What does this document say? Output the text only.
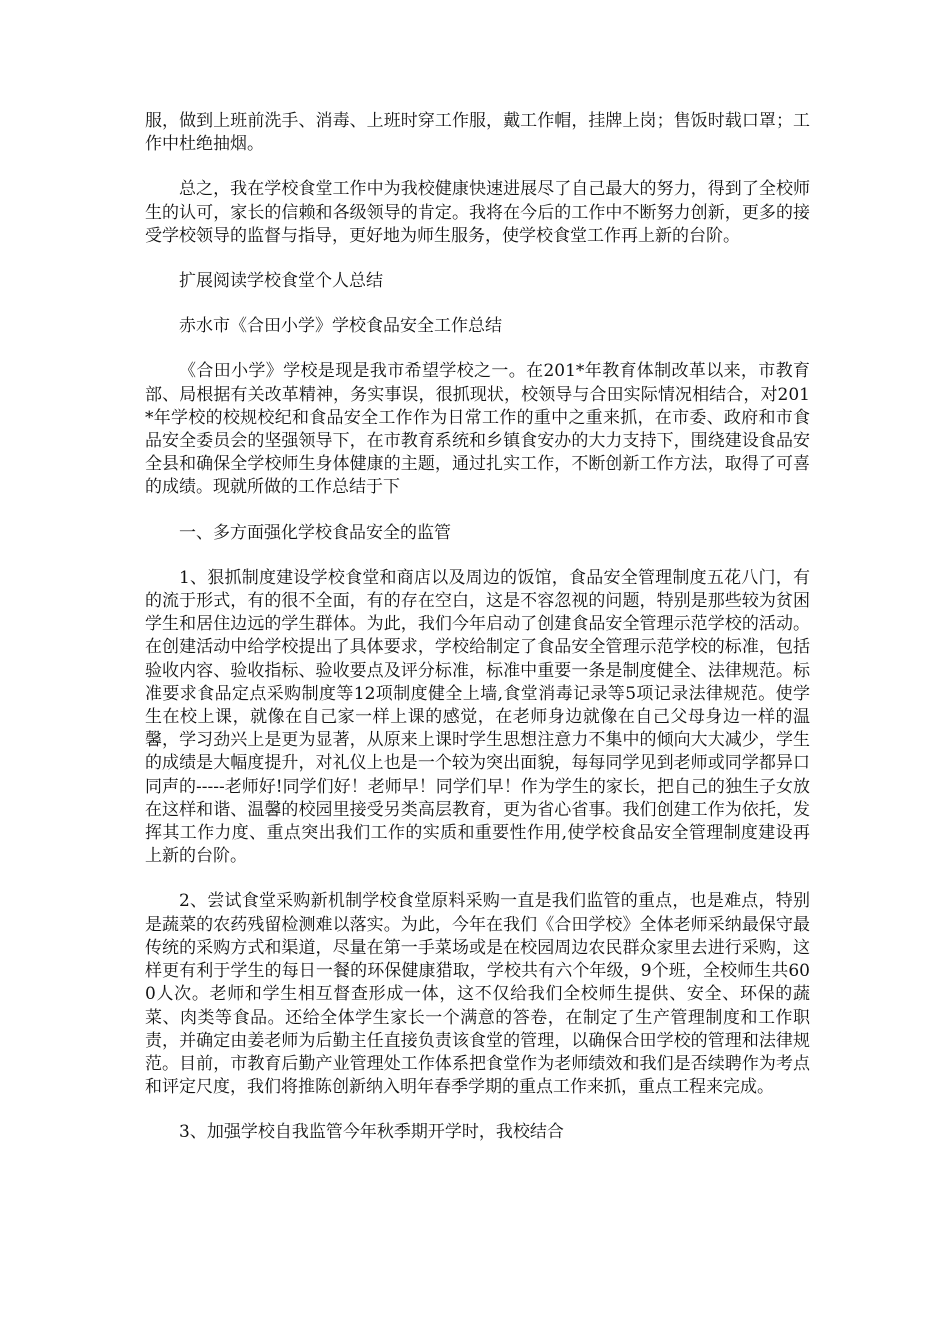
服，做到上班前洗手、消毒、上班时穿工作服，戴工作帽，挂牌上岗；售饭时载口罩；工作中杜绝抽烟。

总之，我在学校食堂工作中为我校健康快速进展尽了自己最大的努力，得到了全校师生的认可，家长的信赖和各级领导的肯定。我将在今后的工作中不断努力创新，更多的接受学校领导的监督与指导，更好地为师生服务，使学校食堂工作再上新的台阶。

扩展阅读学校食堂个人总结

赤水市《合田小学》学校食品安全工作总结

《合田小学》学校是现是我市希望学校之一。在201*年教育体制改革以来，市教育部、局根据有关改革精神，务实事误，很抓现状，校领导与合田实际情况相结合，对201*年学校的校规校纪和食品安全工作作为日常工作的重中之重来抓，在市委、政府和市食品安全委员会的坚强领导下，在市教育系统和乡镇食安办的大力支持下，围绕建设食品安全县和确保全学校师生身体健康的主题，通过扎实工作，不断创新工作方法，取得了可喜的成绩。现就所做的工作总结于下

一、多方面强化学校食品安全的监管

1、狠抓制度建设学校食堂和商店以及周边的饭馆，食品安全管理制度五花八门，有的流于形式，有的很不全面，有的存在空白，这是不容忽视的问题，特别是那些较为贫困学生和居住边远的学生群体。为此，我们今年启动了创建食品安全管理示范学校的活动。在创建活动中给学校提出了具体要求，学校给制定了食品安全管理示范学校的标准，包括验收内容、验收指标、验收要点及评分标准，标准中重要一条是制度健全、法律规范。标准要求食品定点采购制度等12项制度健全上墙,食堂消毒记录等5项记录法律规范。使学生在校上课，就像在自己家一样上课的感觉，在老师身边就像在自己父母身边一样的温馨，学习劲兴上是更为显著，从原来上课时学生思想注意力不集中的倾向大大减少，学生的成绩是大幅度提升，对礼仪上也是一个较为突出面貌，每每同学见到老师或同学都异口同声的-----老师好!同学们好！老师早！同学们早！作为学生的家长，把自己的独生子女放在这样和谐、温馨的校园里接受另类高层教育，更为省心省事。我们创建工作为依托，发挥其工作力度、重点突出我们工作的实质和重要性作用,使学校食品安全管理制度建设再上新的台阶。

2、尝试食堂采购新机制学校食堂原料采购一直是我们监管的重点，也是难点，特别是蔬菜的农药残留检测难以落实。为此，今年在我们《合田学校》全体老师采纳最保守最传统的采购方式和渠道，尽量在第一手菜场或是在校园周边农民群众家里去进行采购，这样更有利于学生的每日一餐的环保健康猎取，学校共有六个年级，9个班，全校师生共600人次。老师和学生相互督查形成一体，这不仅给我们全校师生提供、安全、环保的蔬菜、肉类等食品。还给全体学生家长一个满意的答卷，在制定了生产管理制度和工作职责，并确定由姜老师为后勤主任直接负责该食堂的管理，以确保合田学校的管理和法律规范。目前，市教育后勤产业管理处工作体系把食堂作为老师绩效和我们是否续聘作为考点和评定尺度，我们将推陈创新纳入明年春季学期的重点工作来抓，重点工程来完成。

3、加强学校自我监管今年秋季期开学时，我校结合
